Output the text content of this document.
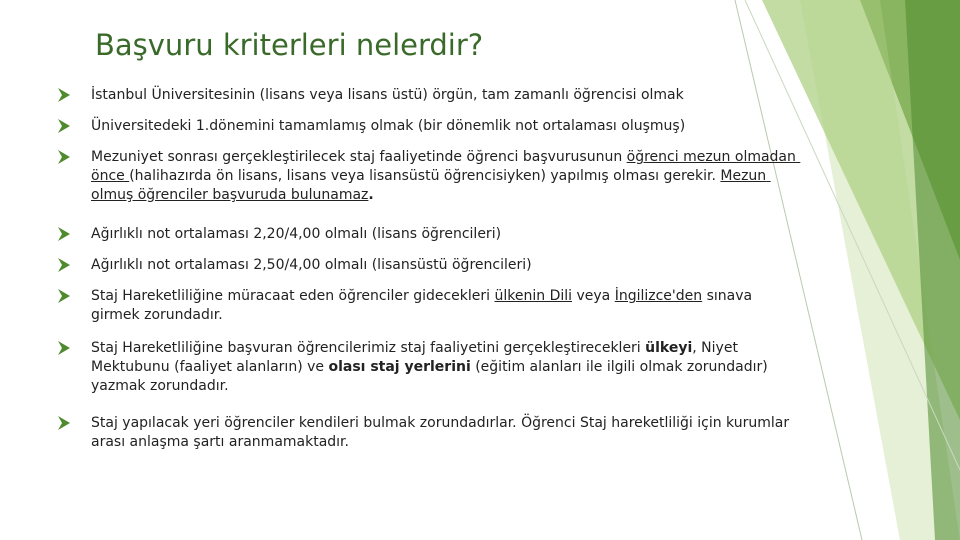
Başvuru kriterleri nelerdir?
İstanbul Üniversitesinin (lisans veya lisans üstü) örgün, tam zamanlı öğrencisi olmak
Üniversitedeki 1.dönemini tamamlamış olmak (bir dönemlik not ortalaması oluşmuş)
Mezuniyet sonrası gerçekleştirilecek staj faaliyetinde öğrenci başvurusunun öğrenci mezun olmadan önce (halihazırda ön lisans, lisans veya lisansüstü öğrencisiyken) yapılmış olması gerekir. Mezun olmuş öğrenciler başvuruda bulunamaz.
Ağırlıklı not ortalaması 2,20/4,00 olmalı (lisans öğrencileri)
Ağırlıklı not ortalaması 2,50/4,00 olmalı (lisansüstü öğrencileri)
Staj Hareketliliğine müracaat eden öğrenciler gidecekleri ülkenin Dili veya İngilizce'den sınava girmek zorundadır.
Staj Hareketliliğine başvuran öğrencilerimiz staj faaliyetini gerçekleştirecekleri ülkeyi, Niyet Mektubunu (faaliyet alanların) ve olası staj yerlerini (eğitim alanları ile ilgili olmak zorundadır) yazmak zorundadır.
Staj yapılacak yeri öğrenciler kendileri bulmak zorundadırlar. Öğrenci Staj hareketliliği için kurumlar arası anlaşma şartı aranmamaktadır.
